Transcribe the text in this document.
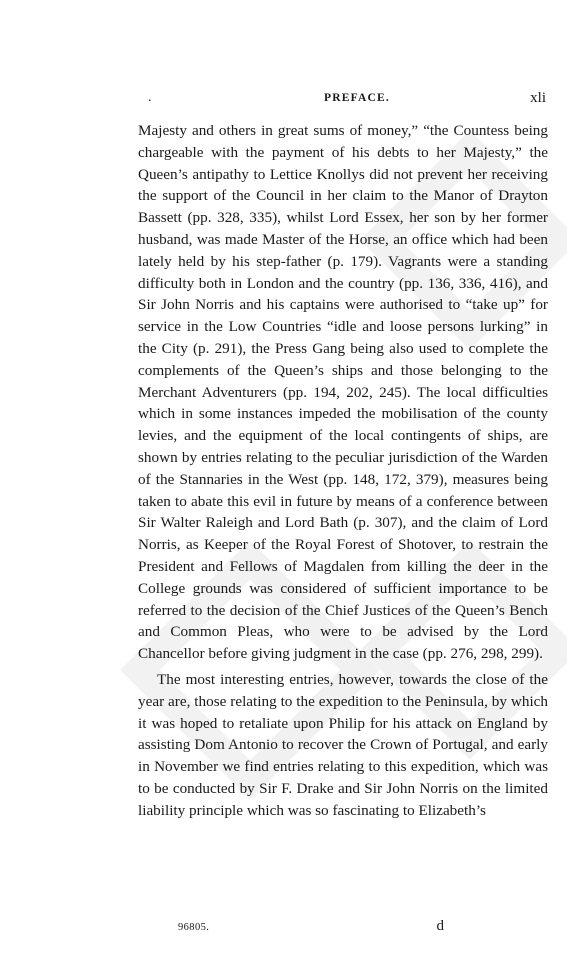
.	PREFACE.	xli

Majesty and others in great sums of money,” “the Countess being chargeable with the payment of his debts to her Majesty,” the Queen’s antipathy to Lettice Knollys did not prevent her receiving the support of the Council in her claim to the Manor of Drayton Bassett (pp. 328, 335), whilst Lord Essex, her son by her former husband, was made Master of the Horse, an office which had been lately held by his step-father (p. 179). Vagrants were a standing difficulty both in London and the country (pp. 136, 336, 416), and Sir John Norris and his captains were authorised to “take up” for service in the Low Countries “idle and loose persons lurking” in the City (p. 291), the Press Gang being also used to complete the complements of the Queen’s ships and those belonging to the Merchant Adventurers (pp. 194, 202, 245). The local difficulties which in some instances impeded the mobilisation of the county levies, and the equipment of the local contingents of ships, are shown by entries relating to the peculiar jurisdiction of the Warden of the Stannaries in the West (pp. 148, 172, 379), measures being taken to abate this evil in future by means of a conference between Sir Walter Raleigh and Lord Bath (p. 307), and the claim of Lord Norris, as Keeper of the Royal Forest of Shotover, to restrain the President and Fellows of Magdalen from killing the deer in the College grounds was considered of sufficient importance to be referred to the decision of the Chief Justices of the Queen’s Bench and Common Pleas, who were to be advised by the Lord Chancellor before giving judgment in the case (pp. 276, 298, 299).

The most interesting entries, however, towards the close of the year are, those relating to the expedition to the Peninsula, by which it was hoped to retaliate upon Philip for his attack on England by assisting Dom Antonio to recover the Crown of Portugal, and early in November we find entries relating to this expedition, which was to be conducted by Sir F. Drake and Sir John Norris on the limited liability principle which was so fascinating to Elizabeth’s

96805.	d
